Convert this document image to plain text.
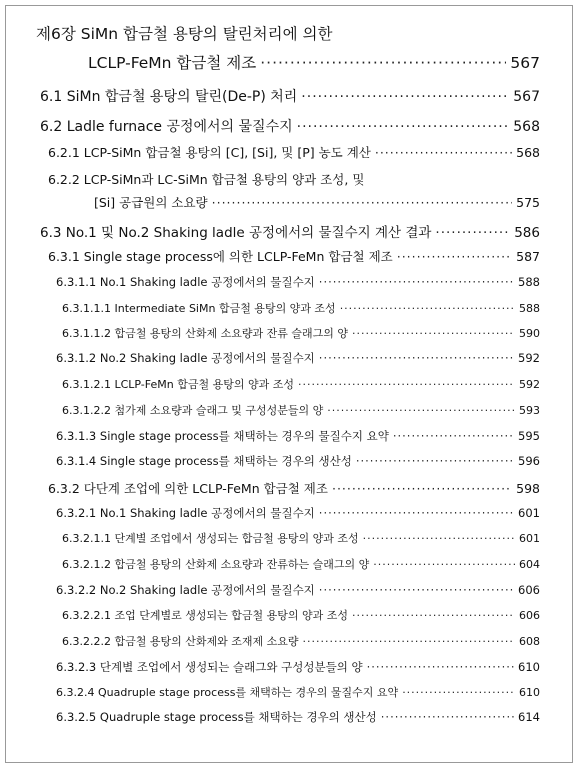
제6장 SiMn 합금철 용탕의 탈린처리에 의한
LCLP-FeMn 합금철 제조 ·····	567
6.1 SiMn 합금철 용탕의 탈린(De-P) 처리 ·····	567
6.2 Ladle furnace 공정에서의 물질수지 ·····	568
6.2.1 LCP-SiMn 합금철 용탕의 [C], [Si], 및 [P] 농도 계산 ·····	568
6.2.2 LCP-SiMn과 LC-SiMn 합금철 용탕의 양과 조성, 및
[Si] 공급원의 소요량 ·····	575
6.3 No.1 및 No.2 Shaking ladle 공정에서의 물질수지 계산 결과 ·····	586
6.3.1 Single stage process에 의한 LCLP-FeMn 합금철 제조 ·····	587
6.3.1.1 No.1 Shaking ladle 공정에서의 물질수지 ·····	588
6.3.1.1.1 Intermediate SiMn 합금철 용탕의 양과 조성 ·····	588
6.3.1.1.2 합금철 용탕의 산화제 소요량과 잔류 슬래그의 양 ·····	590
6.3.1.2 No.2 Shaking ladle 공정에서의 물질수지 ·····	592
6.3.1.2.1 LCLP-FeMn 합금철 용탕의 양과 조성 ·····	592
6.3.1.2.2 첨가제 소요량과 슬래그 및 구성성분들의 양 ·····	593
6.3.1.3 Single stage process를 채택하는 경우의 물질수지 요약 ·····	595
6.3.1.4 Single stage process를 채택하는 경우의 생산성 ·····	596
6.3.2 다단계 조업에 의한 LCLP-FeMn 합금철 제조 ·····	598
6.3.2.1 No.1 Shaking ladle 공정에서의 물질수지 ·····	601
6.3.2.1.1 단계별 조업에서 생성되는 합금철 용탕의 양과 조성 ·····	601
6.3.2.1.2 합금철 용탕의 산화제 소요량과 잔류하는 슬래그의 양 ·····	604
6.3.2.2 No.2 Shaking ladle 공정에서의 물질수지 ·····	606
6.3.2.2.1 조업 단계별로 생성되는 합금철 용탕의 양과 조성 ·····	606
6.3.2.2.2 합금철 용탕의 산화제와 조재제 소요량 ·····	608
6.3.2.3 단계별 조업에서 생성되는 슬래그와 구성성분들의 양 ·····	610
6.3.2.4 Quadruple stage process를 채택하는 경우의 물질수지 요약 ·····	610
6.3.2.5 Quadruple stage process를 채택하는 경우의 생산성 ·····	614
